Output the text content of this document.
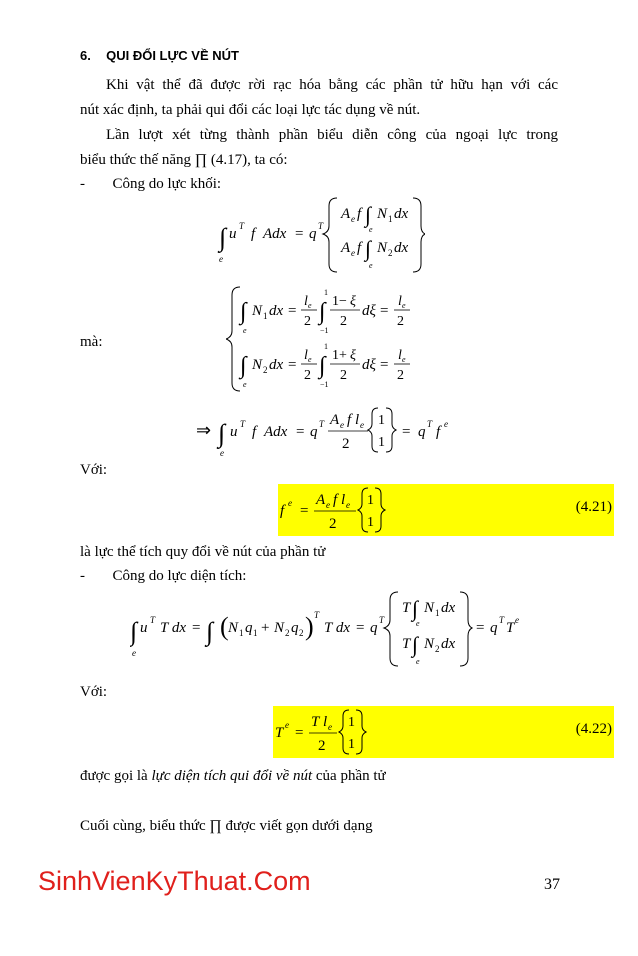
6. QUI ĐỔI LỰC VỀ NÚT
Khi vật thể đã được rời rạc hóa bằng các phần tử hữu hạn với các
nút xác định, ta phải qui đổi các loại lực tác dụng về nút.
Lần lượt xét từng thành phần biểu diễn công của ngoại lực trong
biểu thức thế năng ∏ (4.17), ta có:
- Công do lực khối:
∫
e
u T f Adx = q T
A e f ∫
e
N 1 dx
A e f ∫
e
N 2 dx
mà:
∫
e
N 1 dx =
l e
2 ∫
1
−1
1− ξ
2
dξ =
l e
2
∫
e
N 2 dx =
l e
2 ∫
1
−1
1+ ξ
2
dξ =
l e
2
⇒ ∫
e
u T f Adx = q T A e f l e
2
1
1
= q T f e
Với:
f e =
A e f l e
2
1
1
(4.21)
là lực thể tích quy đổi về nút của phần tử
- Công do lực diện tích:
∫
e
u T T dx = ∫ ( N 1 q 1 + N 2 q 2 ) T
T dx = q T
T ∫
e
N 1 dx
T ∫
e
N 2 dx
= q T T e
Với:
T e =
T l e
2
1
1
(4.22)
được gọi là lực diện tích qui đổi về nút của phần tử
Cuối cùng, biểu thức ∏ được viết gọn dưới dạng
SinhVienKyThuat.Com	37
